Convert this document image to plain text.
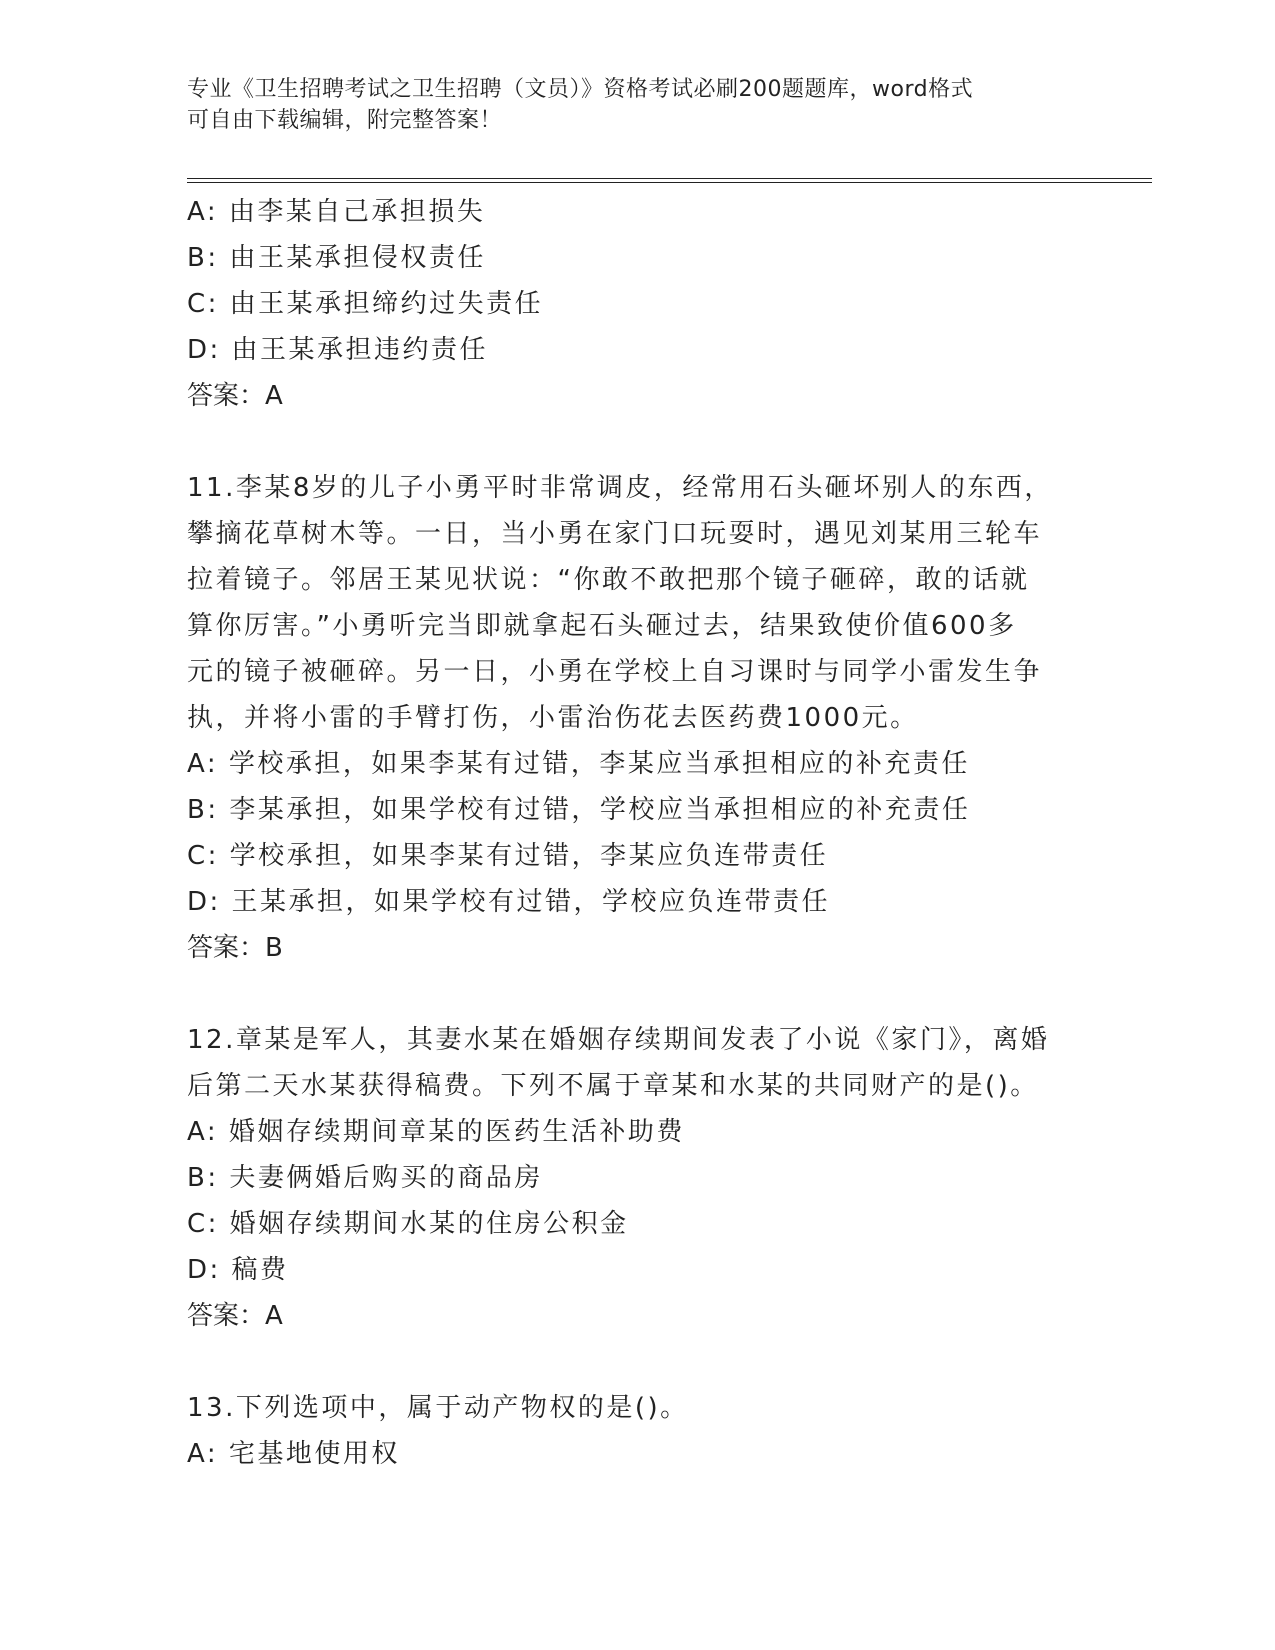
专业《卫生招聘考试之卫生招聘（文员）》资格考试必刷200题题库，word格式
可自由下载编辑，附完整答案！
A: 由李某自己承担损失
B: 由王某承担侵权责任
C: 由王某承担缔约过失责任
D: 由王某承担违约责任
答案：A
11.李某8岁的儿子小勇平时非常调皮，经常用石头砸坏别人的东西，
攀摘花草树木等。一日，当小勇在家门口玩耍时，遇见刘某用三轮车
拉着镜子。邻居王某见状说：“你敢不敢把那个镜子砸碎，敢的话就
算你厉害。”小勇听完当即就拿起石头砸过去，结果致使价值600多
元的镜子被砸碎。另一日，小勇在学校上自习课时与同学小雷发生争
执，并将小雷的手臂打伤，小雷治伤花去医药费1000元。
A: 学校承担，如果李某有过错，李某应当承担相应的补充责任
B: 李某承担，如果学校有过错，学校应当承担相应的补充责任
C: 学校承担，如果李某有过错，李某应负连带责任
D: 王某承担，如果学校有过错，学校应负连带责任
答案：B
12.章某是军人，其妻水某在婚姻存续期间发表了小说《家门》，离婚
后第二天水某获得稿费。下列不属于章某和水某的共同财产的是()。
A: 婚姻存续期间章某的医药生活补助费
B: 夫妻俩婚后购买的商品房
C: 婚姻存续期间水某的住房公积金
D: 稿费
答案：A
13.下列选项中，属于动产物权的是()。
A: 宅基地使用权
